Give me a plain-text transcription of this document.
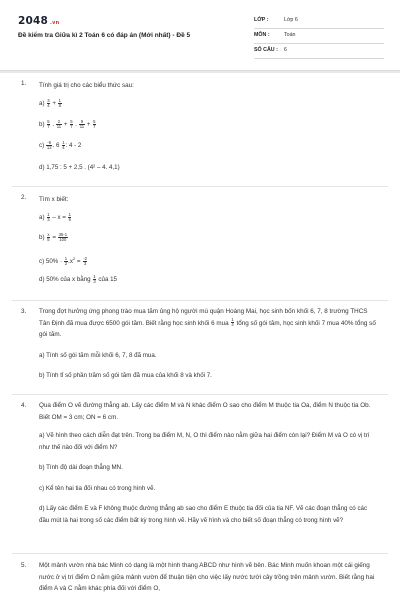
2048 .vn
Đề kiểm tra Giữa kì 2 Toán 6 có đáp án (Mới nhất) - Đề 5
LỚP :	Lớp 6
MÔN :	Toán
SỐ CÂU : 6
1. Tính giá trị cho các biểu thức sau:
$a) \frac{3}{4} + \frac{1}{8}$
$b) \frac{5}{7}$ . $\frac{2}{11} + \frac{5}{7}$ . $\frac{9}{11} + \frac{5}{7}$
$c) \frac{-5}{12}$ . $6 \frac{1}{4}$ : 4 - 2
d) 1,75 : 5 + 2,5 . (4² – 4. 4,1)
2. Tìm x biết:
$a) \frac{1}{3} - x = \frac{1}{6}$
$b) \frac{x}{5} = \frac{35-1}{100}$
c) $50\% \cdot \frac{1}{2} .x^2 = \frac{-2}{3}$
d) 50% của x bằng $\frac{1}{3}$ của 15
3. Trong đợt hưởng ứng phong trào mua tăm ủng hộ người mù quận Hoàng Mai, học sinh bốn khối 6, 7, 8 trường THCS Tân Định đã mua được 6500 gói tăm. Biết rằng học sinh khối 6 mua $\frac{1}{4}$ tổng số gói tăm, học sinh khối 7 mua 40% tổng số gói tăm.
a) Tính số gói tăm mỗi khối 6, 7, 8 đã mua.
b) Tính tỉ số phần trăm số gói tăm đã mua của khối 8 và khối 7.
4. Qua điểm O vẽ đường thẳng ab. Lấy các điểm M và N khác điểm O sao cho điểm M thuộc tia Oa, điểm N thuộc tia Ob. Biết OM = 3 cm; ON = 6 cm.
a) Vẽ hình theo cách diễn đạt trên. Trong ba điểm M, N, O thì điểm nào nằm giữa hai điểm còn lại? Điểm M và O có vị trí như thế nào đối với điểm N?
b) Tính độ dài đoạn thẳng MN.
c) Kể tên hai tia đối nhau có trong hình vẽ.
d) Lấy các điểm E và F không thuộc đường thẳng ab sao cho điểm E thuộc tia đối của tia NF. Vẽ các đoạn thẳng có các đầu mút là hai trong số các điểm bất kỳ trong hình vẽ. Hãy vẽ hình và cho biết số đoạn thẳng có trong hình vẽ?
5. Một mảnh vườn nhà bác Minh có dạng là một hình thang ABCD như hình vẽ bên. Bác Minh muốn khoan một cái giếng nước ở vị trí điểm O nằm giữa mảnh vườn để thuận tiện cho việc lấy nước tưới cây trồng trên mảnh vườn. Biết rằng hai điểm A và C nằm khác phía đối với điểm O,
